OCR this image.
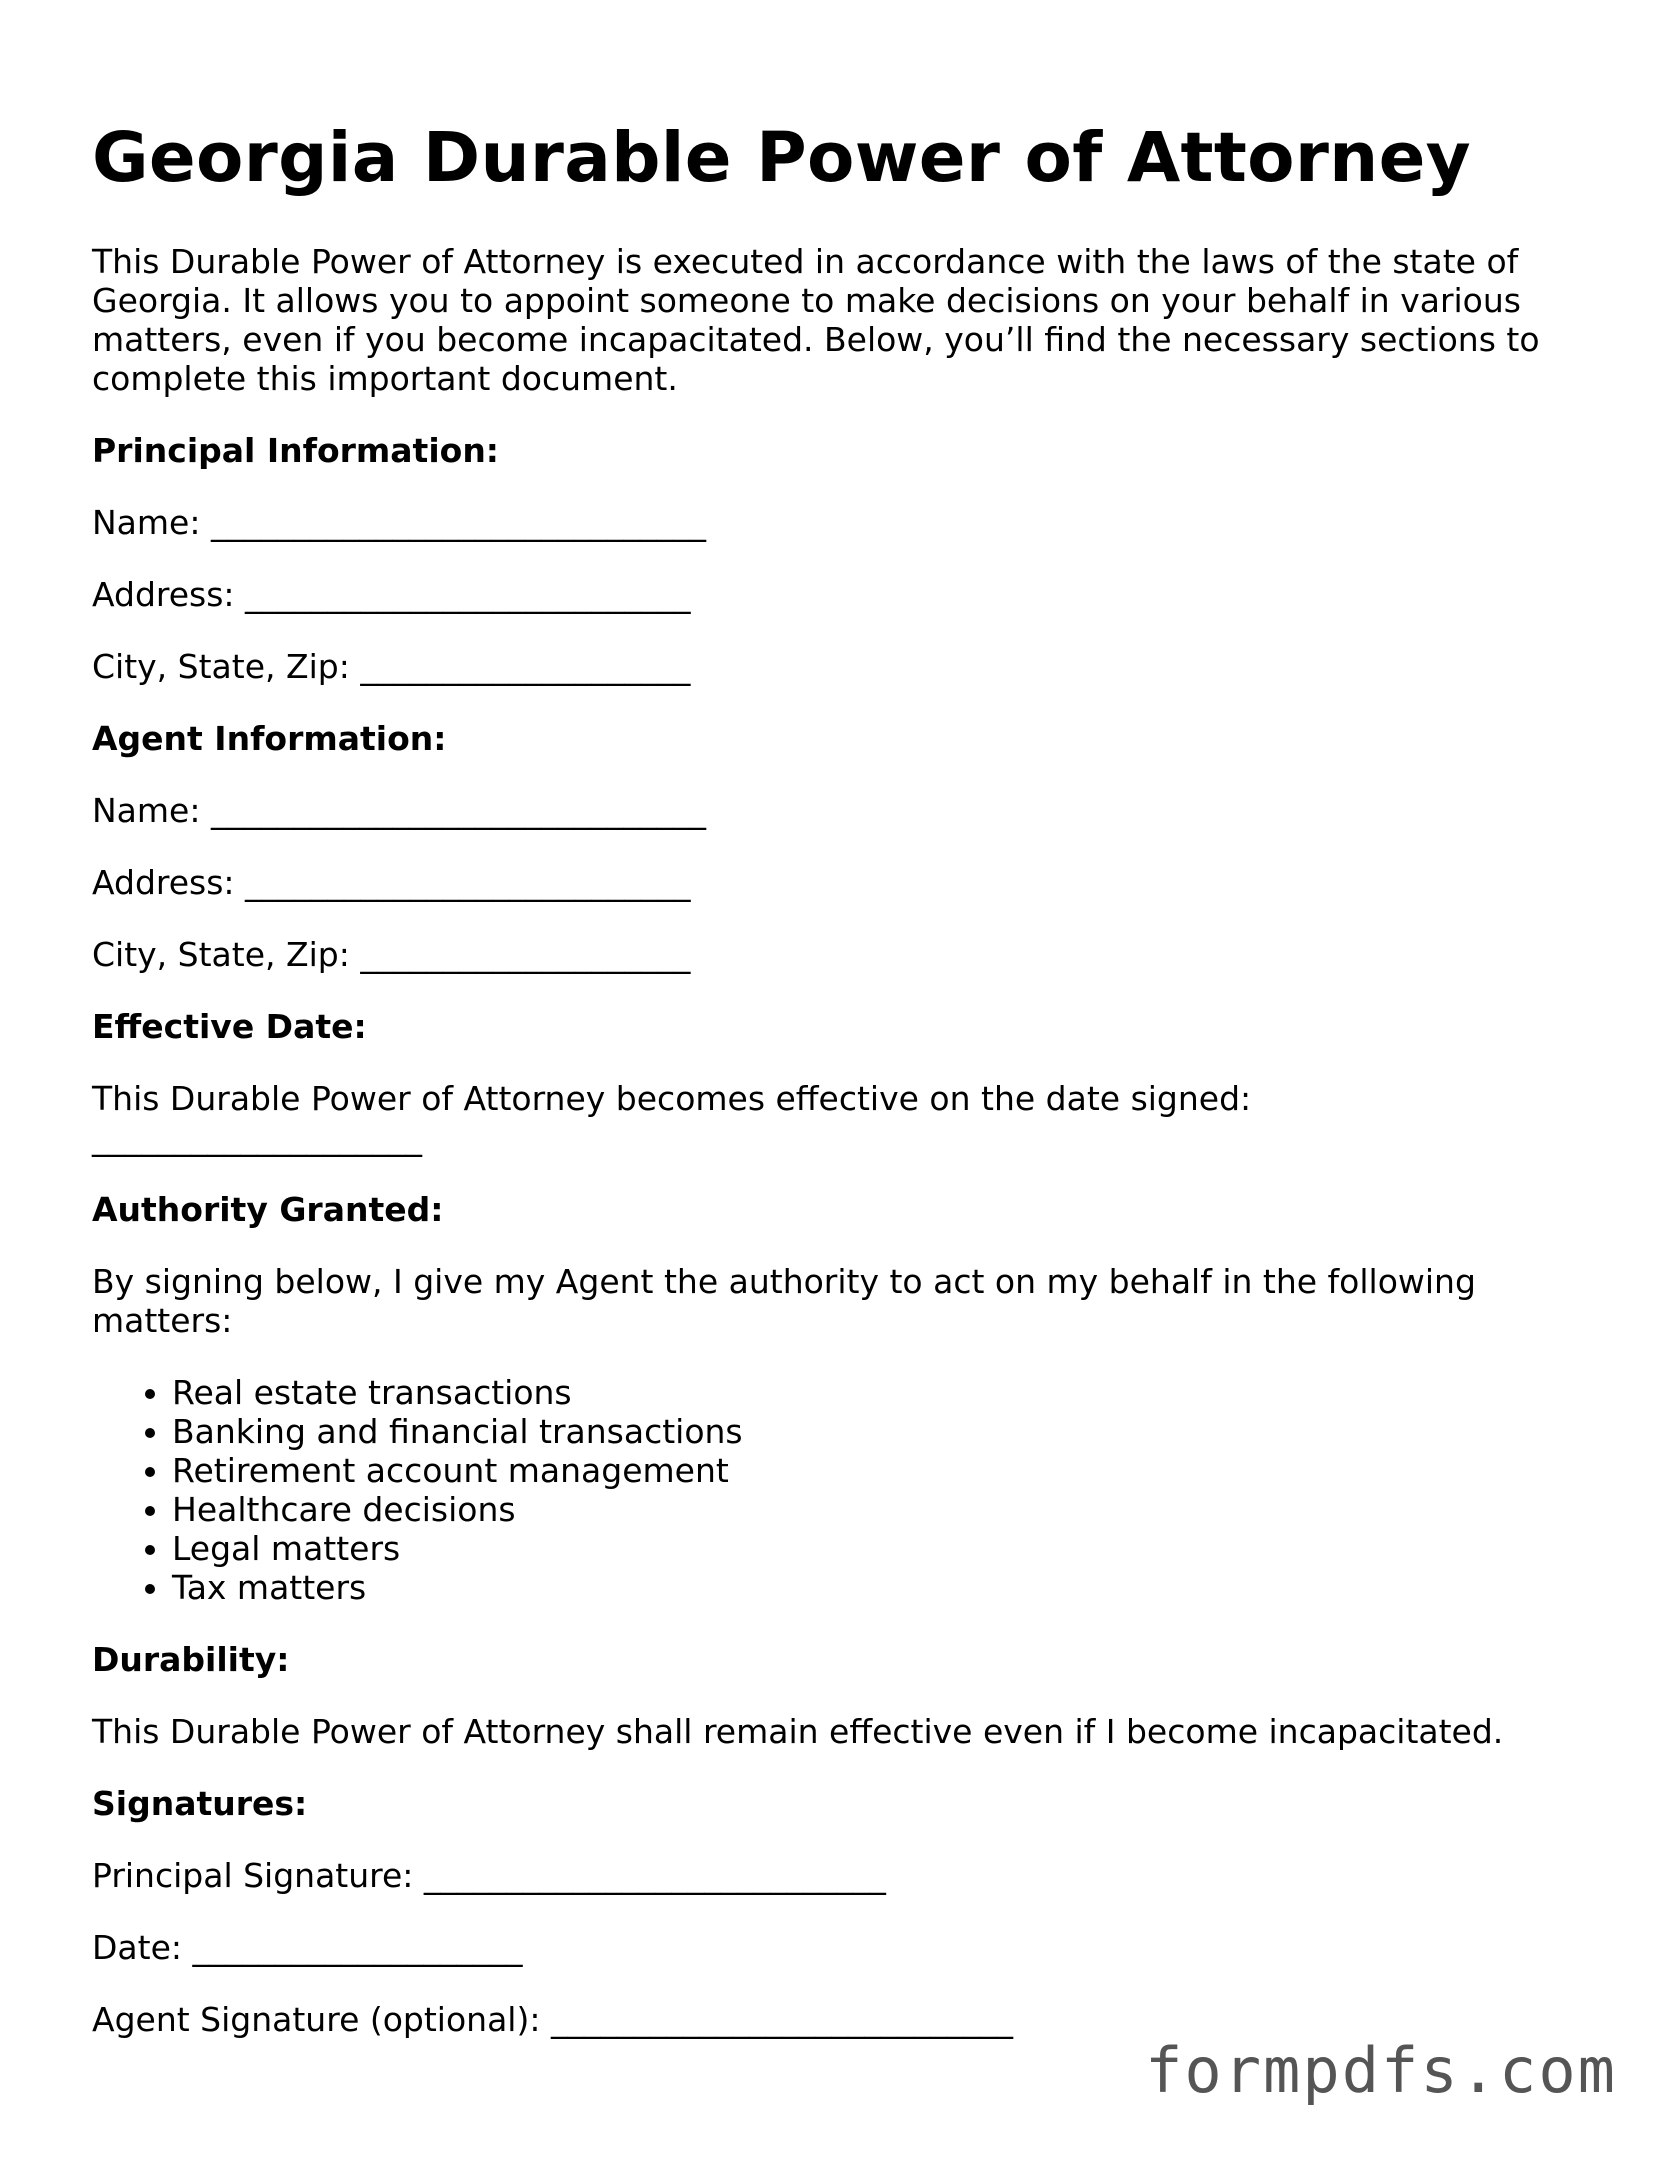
Georgia Durable Power of Attorney

This Durable Power of Attorney is executed in accordance with the laws of the state of Georgia. It allows you to appoint someone to make decisions on your behalf in various matters, even if you become incapacitated. Below, you’ll find the necessary sections to complete this important document.

Principal Information:

Name: ______________________________

Address: ___________________________

City, State, Zip: ____________________

Agent Information:

Name: ______________________________

Address: ___________________________

City, State, Zip: ____________________

Effective Date:

This Durable Power of Attorney becomes effective on the date signed:

____________________

Authority Granted:

By signing below, I give my Agent the authority to act on my behalf in the following matters:

• Real estate transactions
• Banking and financial transactions
• Retirement account management
• Healthcare decisions
• Legal matters
• Tax matters

Durability:

This Durable Power of Attorney shall remain effective even if I become incapacitated.

Signatures:

Principal Signature: ____________________________

Date: ____________________

Agent Signature (optional): ____________________________

formpdfs.com
